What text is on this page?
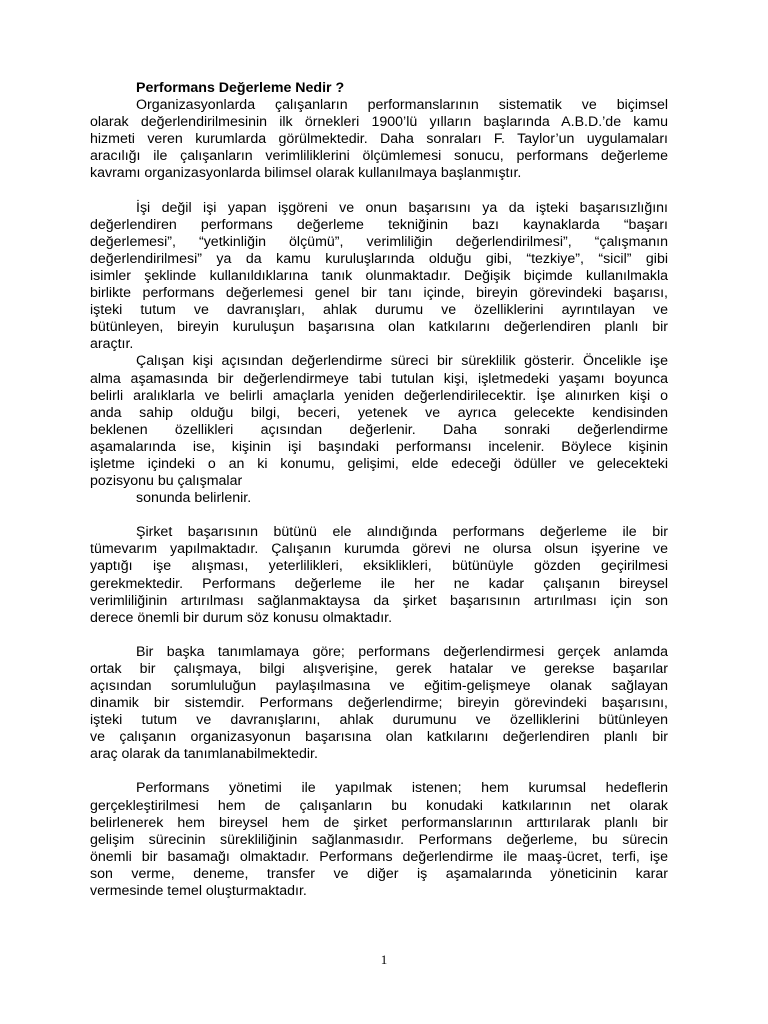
Performans Değerleme Nedir ?

Organizasyonlarda çalışanların performanslarının sistematik ve biçimsel
olarak değerlendirilmesinin ilk örnekleri 1900’lü yılların başlarında A.B.D.’de kamu
hizmeti veren kurumlarda görülmektedir. Daha sonraları F. Taylor’un uygulamaları
aracılığı ile çalışanların verimliliklerini ölçümlemesi sonucu, performans değerleme
kavramı organizasyonlarda bilimsel olarak kullanılmaya başlanmıştır.
İşi değil işi yapan işgöreni ve onun başarısını ya da işteki başarısızlığını
değerlendiren performans değerleme tekniğinin bazı kaynaklarda “başarı
değerlemesi”, “yetkinliğin ölçümü”, verimliliğin değerlendirilmesi”, “çalışmanın
değerlendirilmesi” ya da kamu kuruluşlarında olduğu gibi, “tezkiye”, “sicil” gibi
isimler şeklinde kullanıldıklarına tanık olunmaktadır. Değişik biçimde kullanılmakla
birlikte performans değerlemesi genel bir tanı içinde, bireyin görevindeki başarısı,
işteki tutum ve davranışları, ahlak durumu ve özelliklerini ayrıntılayan ve
bütünleyen, bireyin kuruluşun başarısına olan katkılarını değerlendiren planlı bir
araçtır.
Çalışan kişi açısından değerlendirme süreci bir süreklilik gösterir. Öncelikle işe
alma aşamasında bir değerlendirmeye tabi tutulan kişi, işletmedeki yaşamı boyunca
belirli aralıklarla ve belirli amaçlarla yeniden değerlendirilecektir. İşe alınırken kişi o
anda sahip olduğu bilgi, beceri, yetenek ve ayrıca gelecekte kendisinden
beklenen özellikleri açısından değerlenir. Daha sonraki değerlendirme
aşamalarında ise, kişinin işi başındaki performansı incelenir. Böylece kişinin
işletme içindeki o an ki konumu, gelişimi, elde edeceği ödüller ve gelecekteki
pozisyonu bu çalışmalar
sonunda belirlenir.
Şirket başarısının bütünü ele alındığında performans değerleme ile bir
tümevarım yapılmaktadır. Çalışanın kurumda görevi ne olursa olsun işyerine ve
yaptığı işe alışması, yeterlilikleri, eksiklikleri, bütünüyle gözden geçirilmesi
gerekmektedir. Performans değerleme ile her ne kadar çalışanın bireysel
verimliliğinin artırılması sağlanmaktaysa da şirket başarısının artırılması için son
derece önemli bir durum söz konusu olmaktadır.
Bir başka tanımlamaya göre; performans değerlendirmesi gerçek anlamda
ortak bir çalışmaya, bilgi alışverişine, gerek hatalar ve gerekse başarılar
açısından sorumluluğun paylaşılmasına ve eğitim-gelişmeye olanak sağlayan
dinamik bir sistemdir. Performans değerlendirme; bireyin görevindeki başarısını,
işteki tutum ve davranışlarını, ahlak durumunu ve özelliklerini bütünleyen
ve çalışanın organizasyonun başarısına olan katkılarını değerlendiren planlı bir
araç olarak da tanımlanabilmektedir.
Performans yönetimi ile yapılmak istenen; hem kurumsal hedeflerin
gerçekleştirilmesi hem de çalışanların bu konudaki katkılarının net olarak
belirlenerek hem bireysel hem de şirket performanslarının arttırılarak planlı bir
gelişim sürecinin sürekliliğinin sağlanmasıdır. Performans değerleme, bu sürecin
önemli bir basamağı olmaktadır. Performans değerlendirme ile maaş-ücret, terfi, işe
son verme, deneme, transfer ve diğer iş aşamalarında yöneticinin karar
vermesinde temel oluşturmaktadır.
1
